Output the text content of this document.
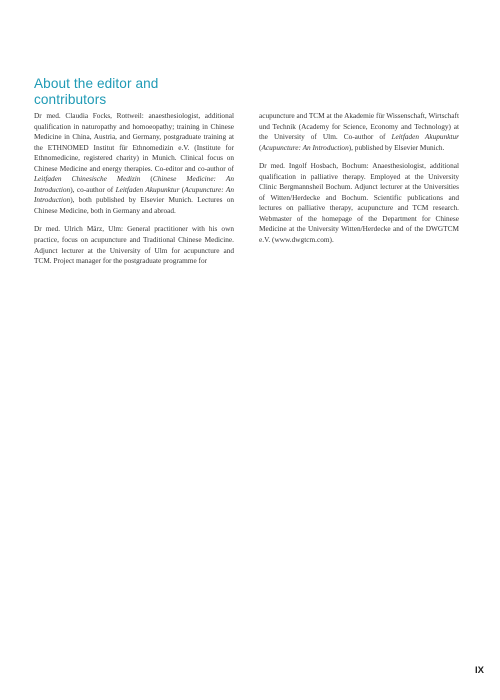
About the editor and
contributors

Dr med. Claudia Focks, Rottweil: anaesthesiologist, additional qualification in naturopathy and homoeopathy; training in Chinese Medicine in China, Austria, and Germany, postgraduate training at the ETHNOMED Institut für Ethnomedizin e.V. (Institute for Ethnomedicine, registered charity) in Munich. Clinical focus on Chinese Medicine and energy therapies. Co-editor and co-author of Leitfaden Chinesische Medizin (Chinese Medicine: An Introduction), co-author of Leitfaden Akupunktur (Acupuncture: An Introduction), both published by Elsevier Munich. Lectures on Chinese Medicine, both in Germany and abroad.

Dr med. Ulrich März, Ulm: General practitioner with his own practice, focus on acupuncture and Traditional Chinese Medicine. Adjunct lecturer at the University of Ulm for acupuncture and TCM. Project manager for the postgraduate programme for

acupuncture and TCM at the Akademie für Wissenschaft, Wirtschaft und Technik (Academy for Science, Economy and Technology) at the University of Ulm. Co-author of Leitfaden Akupunktur (Acupuncture: An Introduction), published by Elsevier Munich.

Dr med. Ingolf Hosbach, Bochum: Anaesthesiologist, additional qualification in palliative therapy. Employed at the University Clinic Bergmannsheil Bochum. Adjunct lecturer at the Universities of Witten/Herdecke and Bochum. Scientific publications and lectures on palliative therapy, acupuncture and TCM research. Webmaster of the homepage of the Department for Chinese Medicine at the University Witten/Herdecke and of the DWGTCM e.V. (www.dwgtcm.com).

IX
